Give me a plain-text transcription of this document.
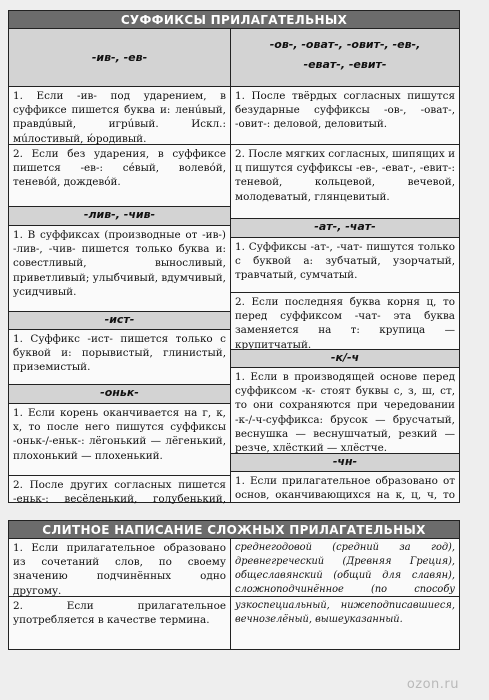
СУФФИКСЫ ПРИЛАГАТЕЛЬНЫХ
-ив-, -ев-
1. Если -ив- под ударением, в суффиксе пишется буква и: ленúвый, правдúвый, игрúвый. Искл.: мúлостивый, ю́родивый.
2. Если без ударения, в суффиксе пишется -ев-: сéвый, волевóй, теневóй, дождевóй.
-лив-, -чив-
1. В суффиксах (производные от -ив-) -лив-, -чив- пишется только буква и: совестливый, выносливый, приветливый; улыбчивый, вдумчивый, усидчивый.
-ист-
1. Суффикс -ист- пишется только с буквой и: порывистый, глинистый, приземистый.
-оньк-
1. Если корень оканчивается на г, к, х, то после него пишутся суффиксы -оньк-/-еньк-: лёгонький — лёгенький, плохонький — плохенький.
2. После других согласных пишется -еньк-: весёленький, голубенький,
-ов-, -оват-, -овит-, -ев-, -еват-, -евит-
1. После твёрдых согласных пишутся безударные суффиксы -ов-, -оват-, -овит-: деловой, деловитый.
2. После мягких согласных, шипящих и ц пишутся суффиксы -ев-, -еват-, -евит-: теневой, кольцевой, вечевой, молодеватый, глянцевитый.
-ат-, -чат-
1. Суффиксы -ат-, -чат- пишутся только с буквой а: зубчатый, узорчатый, травчатый, сумчатый.
2. Если последняя буква корня ц, то перед суффиксом -чат- эта буква заменяется на т: крупица — крупитчатый.
-к/-ч
1. Если в производящей основе перед суффиксом -к- стоят буквы с, з, ш, ст, то они сохраняются при чередовании -к-/-ч-суффикса: брусок — брусчатый, веснушка — веснушчатый, резкий — резче, хлёсткий — хлёстче.
-чн-
1. Если прилагательное образовано от основ, оканчивающихся на к, ц, ч, то
СЛИТНОЕ НАПИСАНИЕ СЛОЖНЫХ ПРИЛАГАТЕЛЬНЫХ
1. Если прилагательное образовано из сочетаний слов, по своему значению подчинённых одно другому.
2. Если прилагательное употребляется в качестве термина.
среднегодовой (средний за год), древнегреческий (Древняя Греция), общеславянский (общий для славян), сложноподчинённое (по способу
узкоспециальный, нижеподписавшиеся, вечнозелёный, вышеуказанный.
ozon.ru
